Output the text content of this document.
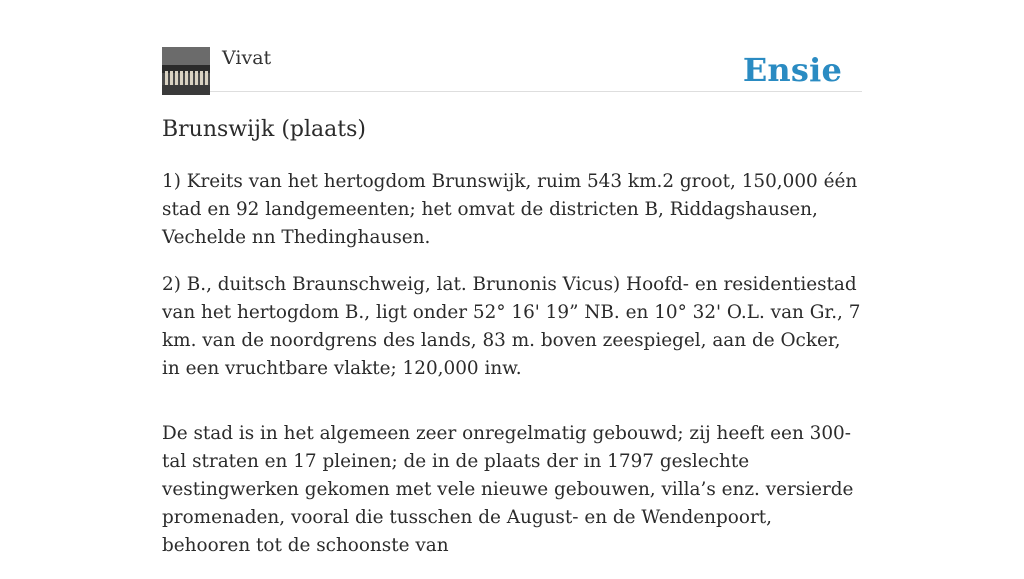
Vivat	Ensie
Brunswijk (plaats)

1) Kreits van het hertogdom Brunswijk, ruim 543 km.2 groot, 150,000 één stad en 92 landgemeenten; het omvat de districten B, Riddagshausen, Vechelde nn Thedinghausen.

2) B., duitsch Braunschweig, lat. Brunonis Vicus) Hoofd- en residentiestad van het hertogdom B., ligt onder 52° 16' 19” NB. en 10° 32' O.L. van Gr., 7 km. van de noordgrens des lands, 83 m. boven zeespiegel, aan de Ocker, in een vruchtbare vlakte; 120,000 inw.

De stad is in het algemeen zeer onregelmatig gebouwd; zij heeft een 300-tal straten en 17 pleinen; de in de plaats der in 1797 geslechte vestingwerken gekomen met vele nieuwe gebouwen, villa’s enz. versierde promenaden, vooral die tusschen de August- en de Wendenpoort, behooren tot de schoonste van
